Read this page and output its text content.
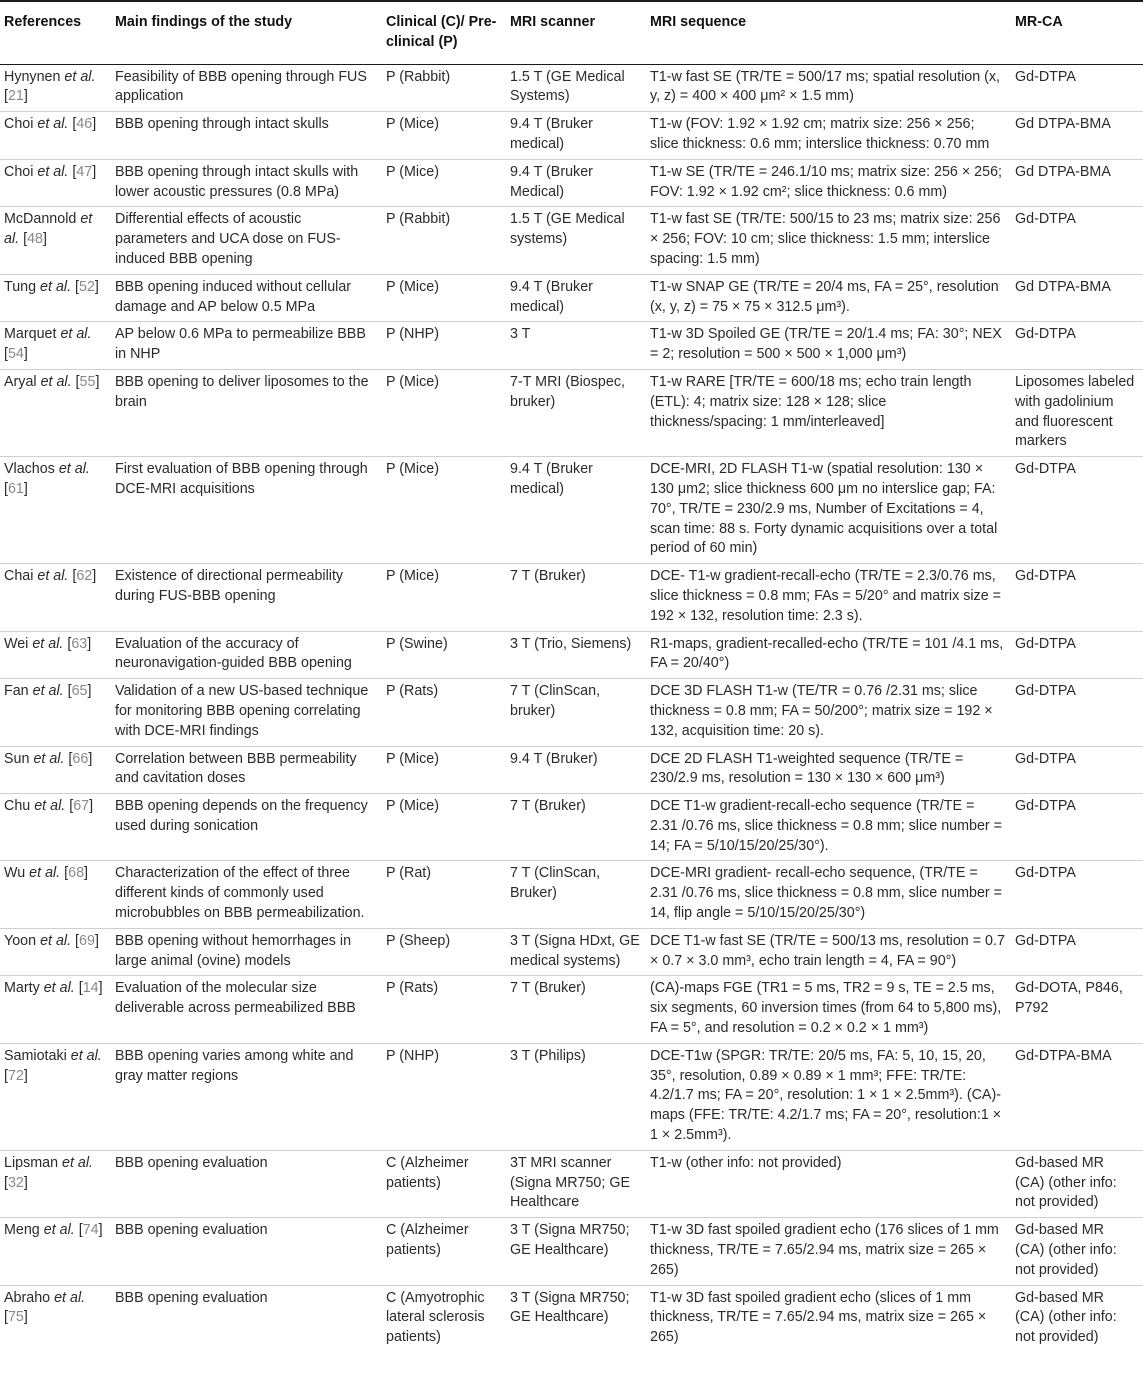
References	Main findings of the study	Clinical (C)/ Pre-clinical (P)	MRI scanner	MRI sequence	MR-CA
Hynynen et al. [21]	Feasibility of BBB opening through FUS application	P (Rabbit)	1.5 T (GE Medical Systems)	T1-w fast SE (TR/TE = 500/17 ms; spatial resolution (x, y, z) = 400 × 400 μm² × 1.5 mm)	Gd-DTPA
Choi et al. [46]	BBB opening through intact skulls	P (Mice)	9.4 T (Bruker medical)	T1-w (FOV: 1.92 × 1.92 cm; matrix size: 256 × 256; slice thickness: 0.6 mm; interslice thickness: 0.70 mm	Gd DTPA-BMA
Choi et al. [47]	BBB opening through intact skulls with lower acoustic pressures (0.8 MPa)	P (Mice)	9.4 T (Bruker Medical)	T1-w SE (TR/TE = 246.1/10 ms; matrix size: 256 × 256; FOV: 1.92 × 1.92 cm²; slice thickness: 0.6 mm)	Gd DTPA-BMA
McDannold et al. [48]	Differential effects of acoustic parameters and UCA dose on FUS-induced BBB opening	P (Rabbit)	1.5 T (GE Medical systems)	T1-w fast SE (TR/TE: 500/15 to 23 ms; matrix size: 256 × 256; FOV: 10 cm; slice thickness: 1.5 mm; interslice spacing: 1.5 mm)	Gd-DTPA
Tung et al. [52]	BBB opening induced without cellular damage and AP below 0.5 MPa	P (Mice)	9.4 T (Bruker medical)	T1-w SNAP GE (TR/TE = 20/4 ms, FA = 25°, resolution (x, y, z) = 75 × 75 × 312.5 μm³).	Gd DTPA-BMA
Marquet et al. [54]	AP below 0.6 MPa to permeabilize BBB in NHP	P (NHP)	3 T	T1-w 3D Spoiled GE (TR/TE = 20/1.4 ms; FA: 30°; NEX = 2; resolution = 500 × 500 × 1,000 μm³)	Gd-DTPA
Aryal et al. [55]	BBB opening to deliver liposomes to the brain	P (Mice)	7-T MRI (Biospec, bruker)	T1-w RARE [TR/TE = 600/18 ms; echo train length (ETL): 4; matrix size: 128 × 128; slice thickness/spacing: 1 mm/interleaved]	Liposomes labeled with gadolinium and fluorescent markers
Vlachos et al. [61]	First evaluation of BBB opening through DCE-MRI acquisitions	P (Mice)	9.4 T (Bruker medical)	DCE-MRI, 2D FLASH T1-w (spatial resolution: 130 × 130 μm2; slice thickness 600 μm no interslice gap; FA: 70°, TR/TE = 230/2.9 ms, Number of Excitations = 4, scan time: 88 s. Forty dynamic acquisitions over a total period of 60 min)	Gd-DTPA
Chai et al. [62]	Existence of directional permeability during FUS-BBB opening	P (Mice)	7 T (Bruker)	DCE- T1-w gradient-recall-echo (TR/TE = 2.3/0.76 ms, slice thickness = 0.8 mm; FAs = 5/20° and matrix size = 192 × 132, resolution time: 2.3 s).	Gd-DTPA
Wei et al. [63]	Evaluation of the accuracy of neuronavigation-guided BBB opening	P (Swine)	3 T (Trio, Siemens)	R1-maps, gradient-recalled-echo (TR/TE = 101 /4.1 ms, FA = 20/40°)	Gd-DTPA
Fan et al. [65]	Validation of a new US-based technique for monitoring BBB opening correlating with DCE-MRI findings	P (Rats)	7 T (ClinScan, bruker)	DCE 3D FLASH T1-w (TE/TR = 0.76 /2.31 ms; slice thickness = 0.8 mm; FA = 50/200°; matrix size = 192 × 132, acquisition time: 20 s).	Gd-DTPA
Sun et al. [66]	Correlation between BBB permeability and cavitation doses	P (Mice)	9.4 T (Bruker)	DCE 2D FLASH T1-weighted sequence (TR/TE = 230/2.9 ms, resolution = 130 × 130 × 600 μm³)	Gd-DTPA
Chu et al. [67]	BBB opening depends on the frequency used during sonication	P (Mice)	7 T (Bruker)	DCE T1-w gradient-recall-echo sequence (TR/TE = 2.31 /0.76 ms, slice thickness = 0.8 mm; slice number = 14; FA = 5/10/15/20/25/30°).	Gd-DTPA
Wu et al. [68]	Characterization of the effect of three different kinds of commonly used microbubbles on BBB permeabilization.	P (Rat)	7 T (ClinScan, Bruker)	DCE-MRI gradient- recall-echo sequence, (TR/TE = 2.31 /0.76 ms, slice thickness = 0.8 mm, slice number = 14, flip angle = 5/10/15/20/25/30°)	Gd-DTPA
Yoon et al. [69]	BBB opening without hemorrhages in large animal (ovine) models	P (Sheep)	3 T (Signa HDxt, GE medical systems)	DCE T1-w fast SE (TR/TE = 500/13 ms, resolution = 0.7 × 0.7 × 3.0 mm³, echo train length = 4, FA = 90°)	Gd-DTPA
Marty et al. [14]	Evaluation of the molecular size deliverable across permeabilized BBB	P (Rats)	7 T (Bruker)	(CA)-maps FGE (TR1 = 5 ms, TR2 = 9 s, TE = 2.5 ms, six segments, 60 inversion times (from 64 to 5,800 ms), FA = 5°, and resolution = 0.2 × 0.2 × 1 mm³)	Gd-DOTA, P846, P792
Samiotaki et al. [72]	BBB opening varies among white and gray matter regions	P (NHP)	3 T (Philips)	DCE-T1w (SPGR: TR/TE: 20/5 ms, FA: 5, 10, 15, 20, 35°, resolution, 0.89 × 0.89 × 1 mm³; FFE: TR/TE: 4.2/1.7 ms; FA = 20°, resolution: 1 × 1 × 2.5mm³). (CA)-maps (FFE: TR/TE: 4.2/1.7 ms; FA = 20°, resolution:1 × 1 × 2.5mm³).	Gd-DTPA-BMA
Lipsman et al. [32]	BBB opening evaluation	C (Alzheimer patients)	3T MRI scanner (Signa MR750; GE Healthcare	T1-w (other info: not provided)	Gd-based MR (CA) (other info: not provided)
Meng et al. [74]	BBB opening evaluation	C (Alzheimer patients)	3 T (Signa MR750; GE Healthcare)	T1-w 3D fast spoiled gradient echo (176 slices of 1 mm thickness, TR/TE = 7.65/2.94 ms, matrix size = 265 × 265)	Gd-based MR (CA) (other info: not provided)
Abraho et al. [75]	BBB opening evaluation	C (Amyotrophic lateral sclerosis patients)	3 T (Signa MR750; GE Healthcare)	T1-w 3D fast spoiled gradient echo (slices of 1 mm thickness, TR/TE = 7.65/2.94 ms, matrix size = 265 × 265)	Gd-based MR (CA) (other info: not provided)
